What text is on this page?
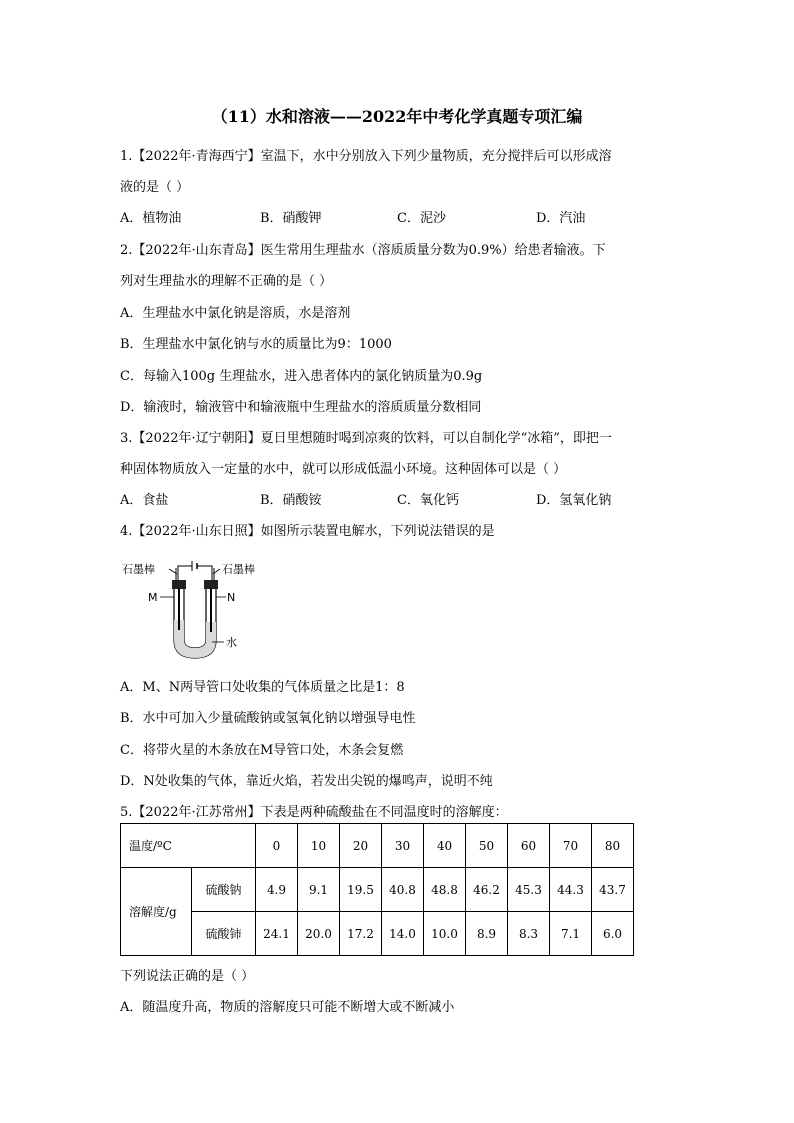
（11）水和溶液——2022年中考化学真题专项汇编
1.【2022年·青海西宁】室温下，水中分别放入下列少量物质，充分搅拌后可以形成溶
液的是（ ）
A．植物油	B．硝酸钾	C．泥沙	D．汽油
2.【2022年·山东青岛】医生常用生理盐水（溶质质量分数为0.9%）给患者输液。下
列对生理盐水的理解不正确的是（ ）
A．生理盐水中氯化钠是溶质，水是溶剂
B．生理盐水中氯化钠与水的质量比为9：1000
C．每输入100g 生理盐水，进入患者体内的氯化钠质量为0.9g
D．输液时，输液管中和输液瓶中生理盐水的溶质质量分数相同
3.【2022年·辽宁朝阳】夏日里想随时喝到凉爽的饮料，可以自制化学“冰箱”，即把一
种固体物质放入一定量的水中，就可以形成低温小环境。这种固体可以是（ ）
A．食盐	B．硝酸铵	C．氧化钙	D．氢氧化钠
4.【2022年·山东日照】如图所示装置电解水，下列说法错误的是
石墨棒	石墨棒
M	N
水
A．M、N两导管口处收集的气体质量之比是1：8
B．水中可加入少量硫酸钠或氢氧化钠以增强导电性
C．将带火星的木条放在M导管口处，木条会复燃
D．N处收集的气体，靠近火焰，若发出尖锐的爆鸣声，说明不纯
5.【2022年·江苏常州】下表是两种硫酸盐在不同温度时的溶解度：
温度/ºC		0	10	20	30	40	50	60	70	80
溶解度/g	硫酸钠	4.9	9.1	19.5	40.8	48.8	46.2	45.3	44.3	43.7
	硫酸铈	24.1	20.0	17.2	14.0	10.0	8.9	8.3	7.1	6.0
下列说法正确的是（ ）
A．随温度升高，物质的溶解度只可能不断增大或不断减小
